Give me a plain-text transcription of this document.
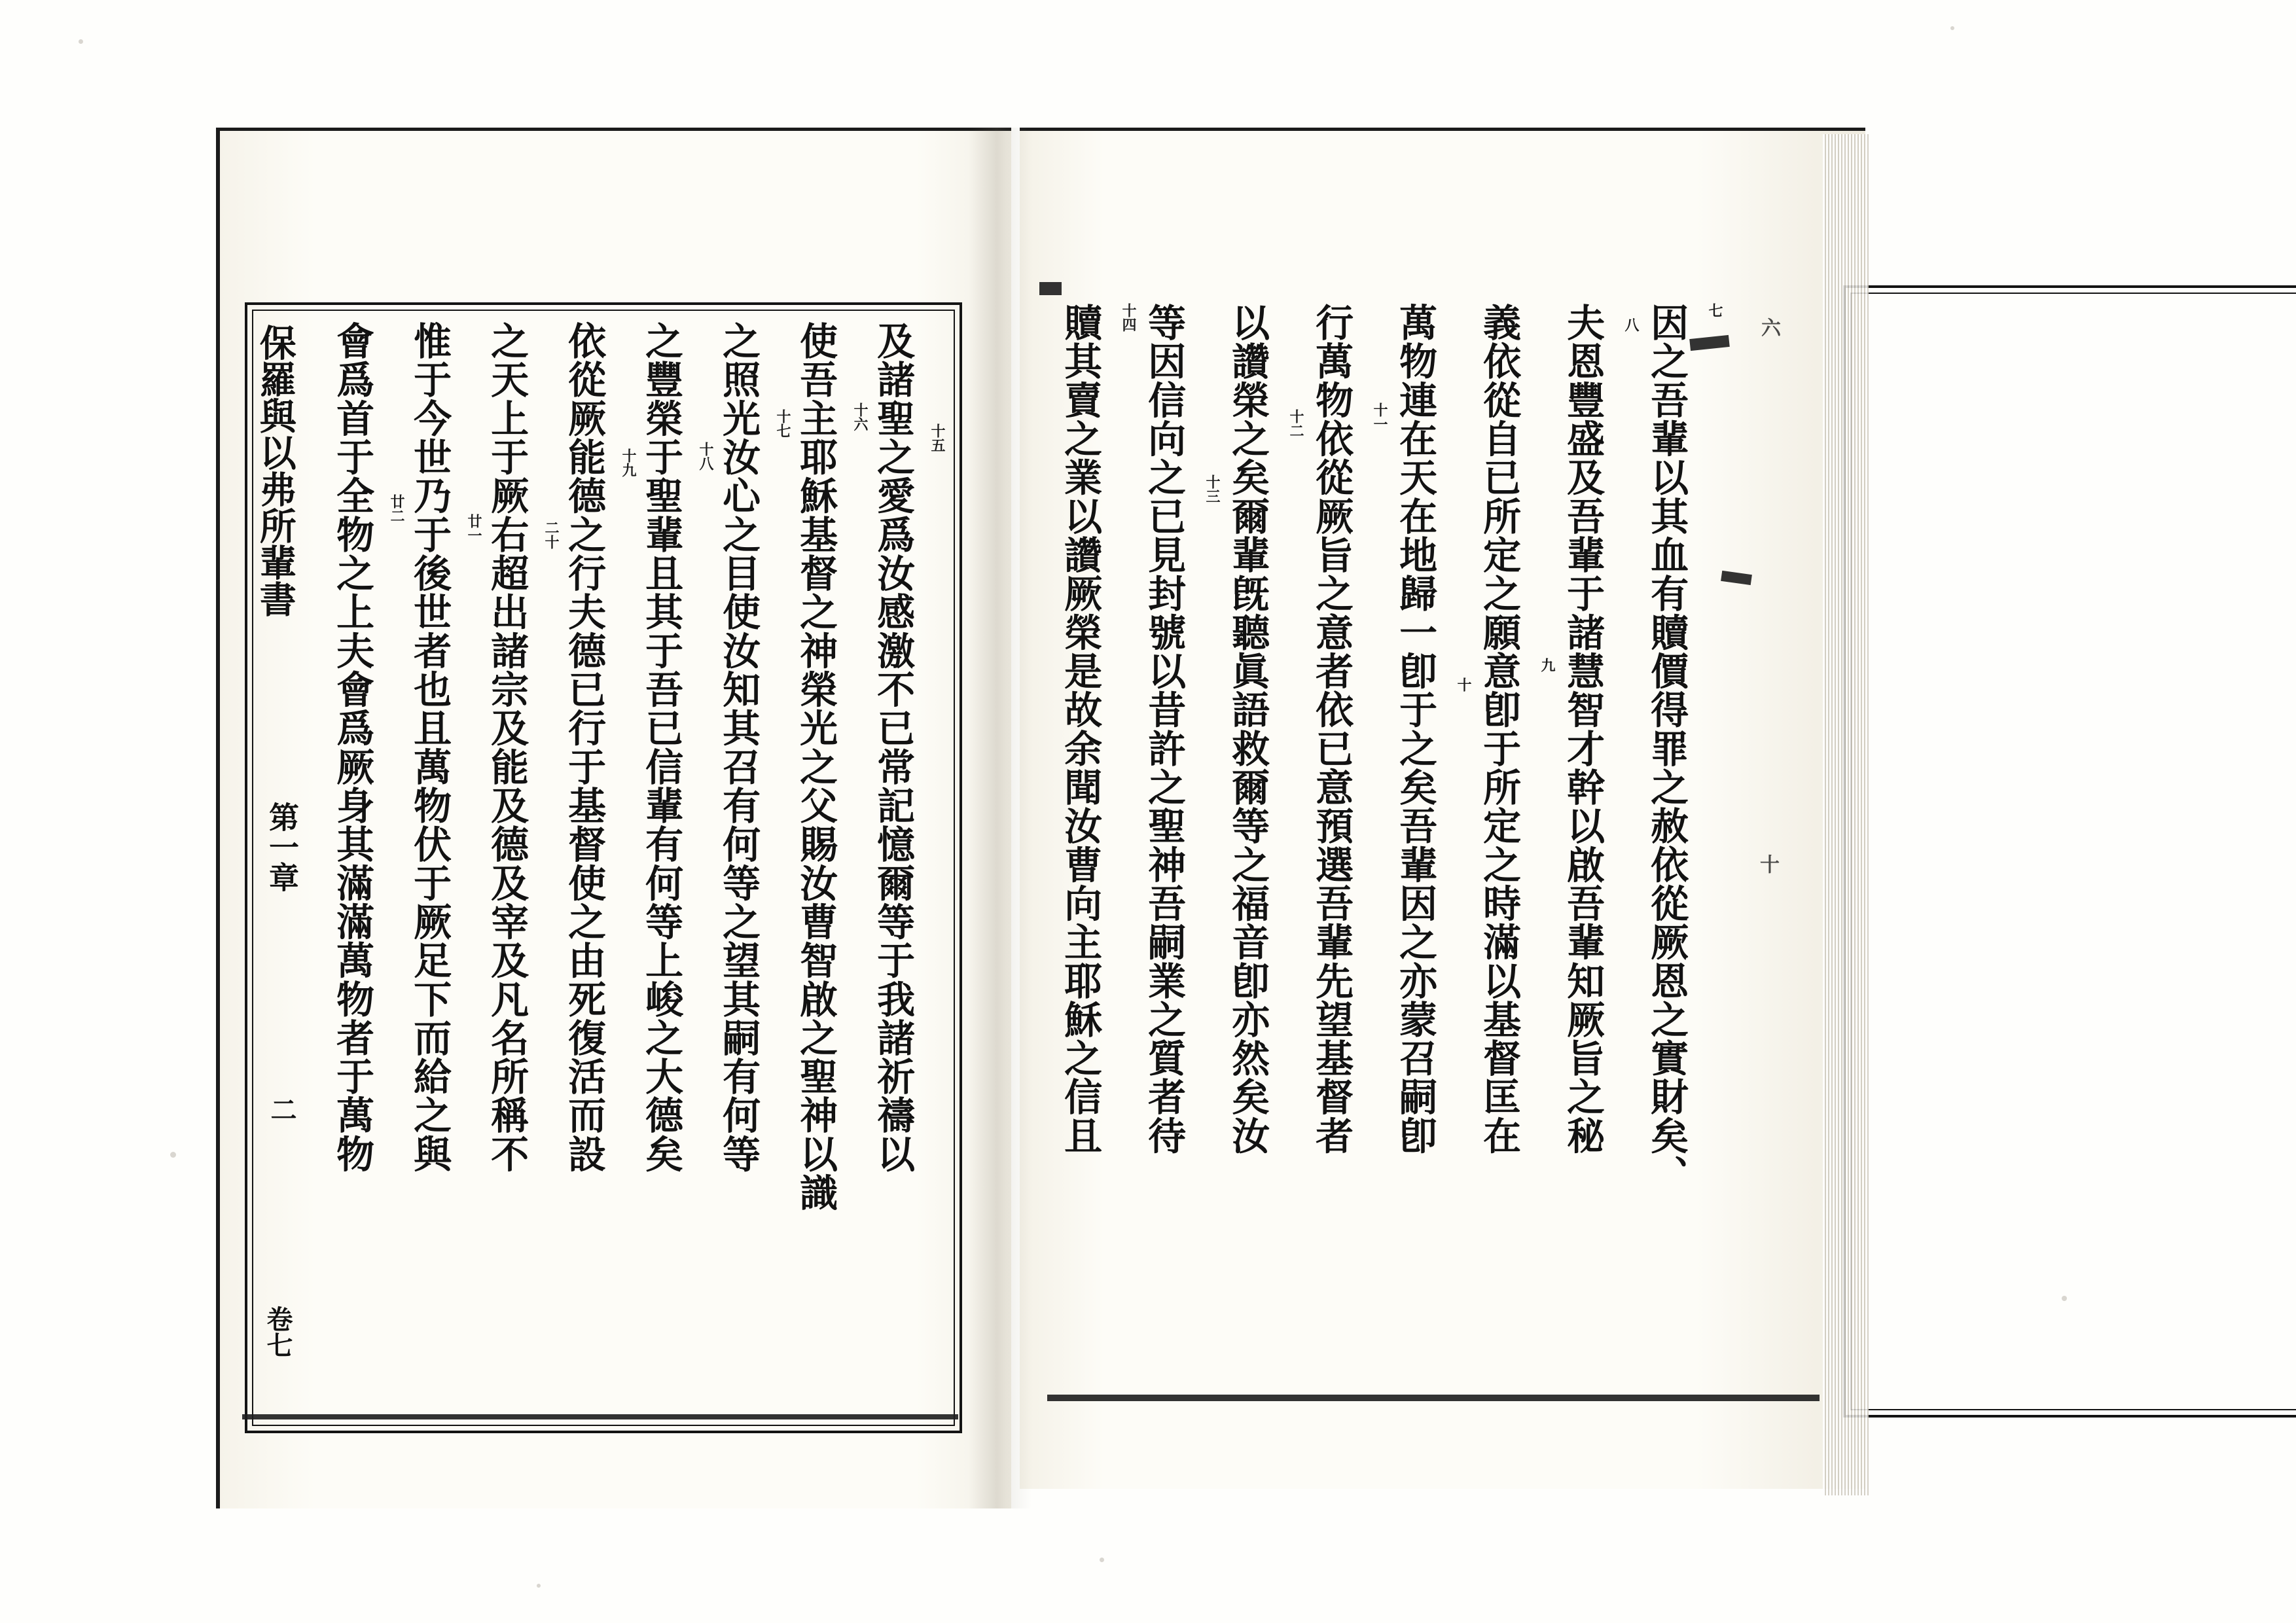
保羅與以弗所輩書
第一章
二
卷七
會爲首于全物之上夫會爲厥身其滿滿萬物者于萬物 廿二 惟于今世乃于後世者也且萬物伏于厥足下而給之與 廿一 之天上于厥右超出諸宗及能及德及宰及凡名所稱不 二十 依從厥能德之行夫德已行于基督使之由死復活而設 十九 之豐榮于聖輩且其于吾已信輩有何等上峻之大德矣 十八 之照光汝心之目使汝知其召有何等之望其嗣有何等 十七 使吾主耶穌基督之神榮光之父賜汝曹智啟之聖神以識 十六 及諸聖之愛爲汝感激不已常記憶爾等于我諸祈禱以 十五	贖其賣之業以讚厥榮是故余聞汝曹向主耶穌之信且 十四 等因信向之已見封號以昔許之聖神吾嗣業之質者待 十三 以讚榮之矣爾輩旣聽眞語救爾等之福音卽亦然矣汝 十二 行萬物依從厥旨之意者依已意預選吾輩先望基督者 十一 萬物連在天在地歸一卽于之矣吾輩因之亦蒙召嗣卽 十 義依從自已所定之願意卽于所定之時滿以基督匡在 九 夫恩豐盛及吾輩于諸慧智才幹以啟吾輩知厥旨之秘 八 因之吾輩以其血有贖價得罪之赦依從厥恩之實財矣、 七
六
十
